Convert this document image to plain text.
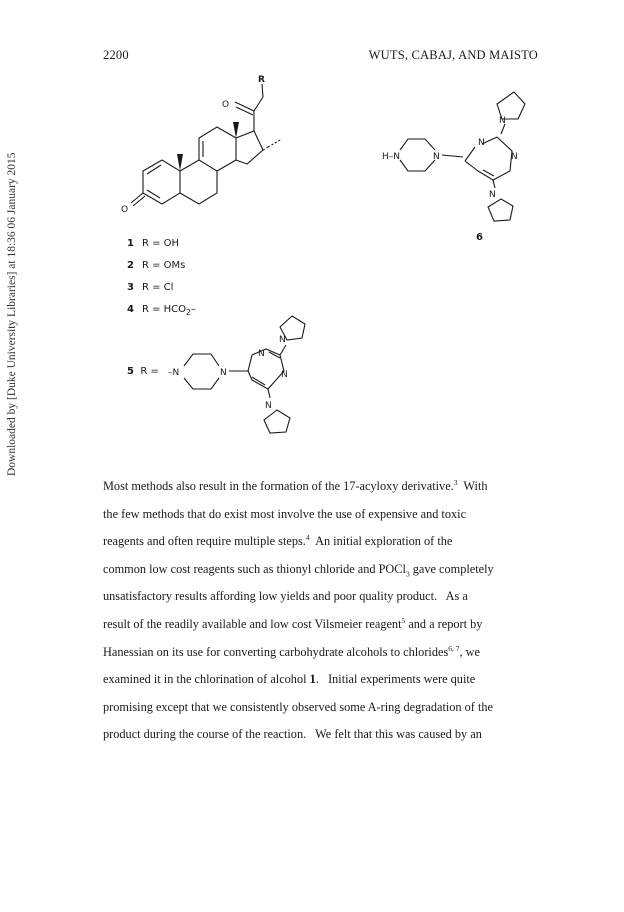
2200	WUTS, CABAJ, AND MAISTO
Downloaded by [Duke University Libraries] at 18:36 06 January 2015
R
O
O
N
N
N
N
N
H–N
6
1 R = OH
2 R = OMs
3 R = Cl
4 $R = HCO_2-$
5 R = –N	N
N
N
N
N

Most methods also result in the formation of the 17-acyloxy derivative.$^3$  With

the few methods that do exist most involve the use of expensive and toxic

reagents and often require multiple steps.$^4$  An initial exploration of the

common low cost reagents such as thionyl chloride and POCl$_3$ gave completely

unsatisfactory results affording low yields and poor quality product.   As a

result of the readily available and low cost Vilsmeier reagent$^5$ and a report by

Hanessian on its use for converting carbohydrate alcohols to chlorides$^{6, 7}$, we

examined it in the chlorination of alcohol 1.   Initial experiments were quite

promising except that we consistently observed some A-ring degradation of the

product during the course of the reaction.   We felt that this was caused by an
